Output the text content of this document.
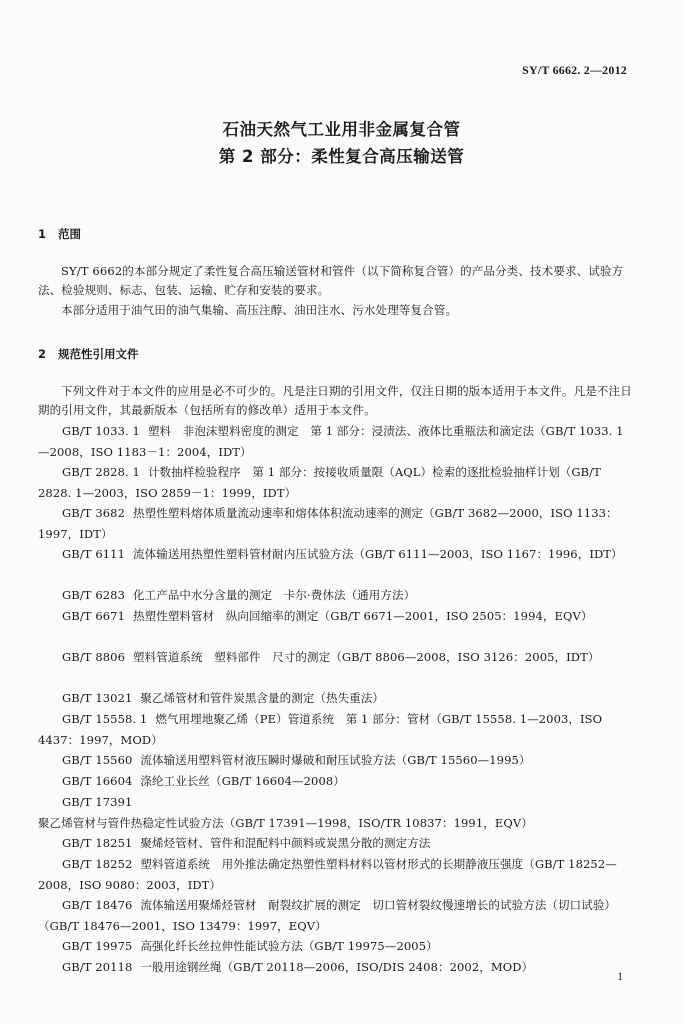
SY/T 6662. 2—2012
石油天然气工业用非金属复合管
第 2 部分：柔性复合高压输送管
1 范围
SY/T 6662的本部分规定了柔性复合高压输送管材和管件（以下简称复合管）的产品分类、技术要求、试验方法、检验规则、标志、包装、运输、贮存和安装的要求。
本部分适用于油气田的油气集输、高压注醇、油田注水、污水处理等复合管。
2 规范性引用文件
下列文件对于本文件的应用是必不可少的。凡是注日期的引用文件，仅注日期的版本适用于本文件。凡是不注日期的引用文件，其最新版本（包括所有的修改单）适用于本文件。
GB/T 1033. 1 塑料　非泡沫塑料密度的测定　第 1 部分：浸渍法、液体比重瓶法和滴定法（GB/T 1033. 1—2008，ISO 1183－1：2004，IDT）
GB/T 2828. 1 计数抽样检验程序　第 1 部分：按接收质量限（AQL）检索的逐批检验抽样计划（GB/T 2828. 1—2003，ISO 2859－1：1999，IDT）
GB/T 3682 热塑性塑料熔体质量流动速率和熔体体积流动速率的测定（GB/T 3682—2000，ISO 1133：1997，IDT）
GB/T 6111 流体输送用热塑性塑料管材耐内压试验方法（GB/T 6111—2003，ISO 1167：1996，IDT）
GB/T 6283 化工产品中水分含量的测定　卡尔·费休法（通用方法）
GB/T 6671 热塑性塑料管材　纵向回缩率的测定（GB/T 6671—2001，ISO 2505：1994，EQV）
GB/T 8806 塑料管道系统　塑料部件　尺寸的测定（GB/T 8806—2008，ISO 3126：2005，IDT）
GB/T 13021 聚乙烯管材和管件炭黑含量的测定（热失重法）
GB/T 15558. 1 燃气用埋地聚乙烯（PE）管道系统　第 1 部分：管材（GB/T 15558. 1—2003，ISO 4437：1997，MOD）
GB/T 15560 流体输送用塑料管材液压瞬时爆破和耐压试验方法（GB/T 15560—1995）
GB/T 16604 涤纶工业长丝（GB/T 16604—2008）
GB/T 17391聚乙烯管材与管件热稳定性试验方法（GB/T 17391—1998，ISO/TR 10837：1991，EQV）
GB/T 18251 聚烯烃管材、管件和混配料中颜料或炭黑分散的测定方法
GB/T 18252 塑料管道系统　用外推法确定热塑性塑料材料以管材形式的长期静液压强度（GB/T 18252—2008，ISO 9080：2003，IDT）
GB/T 18476 流体输送用聚烯烃管材　耐裂纹扩展的测定　切口管材裂纹慢速增长的试验方法（切口试验）（GB/T 18476—2001，ISO 13479：1997，EQV）
GB/T 19975 高强化纤长丝拉伸性能试验方法（GB/T 19975—2005）
GB/T 20118 一般用途钢丝绳（GB/T 20118—2006，ISO/DIS 2408：2002，MOD）
1
